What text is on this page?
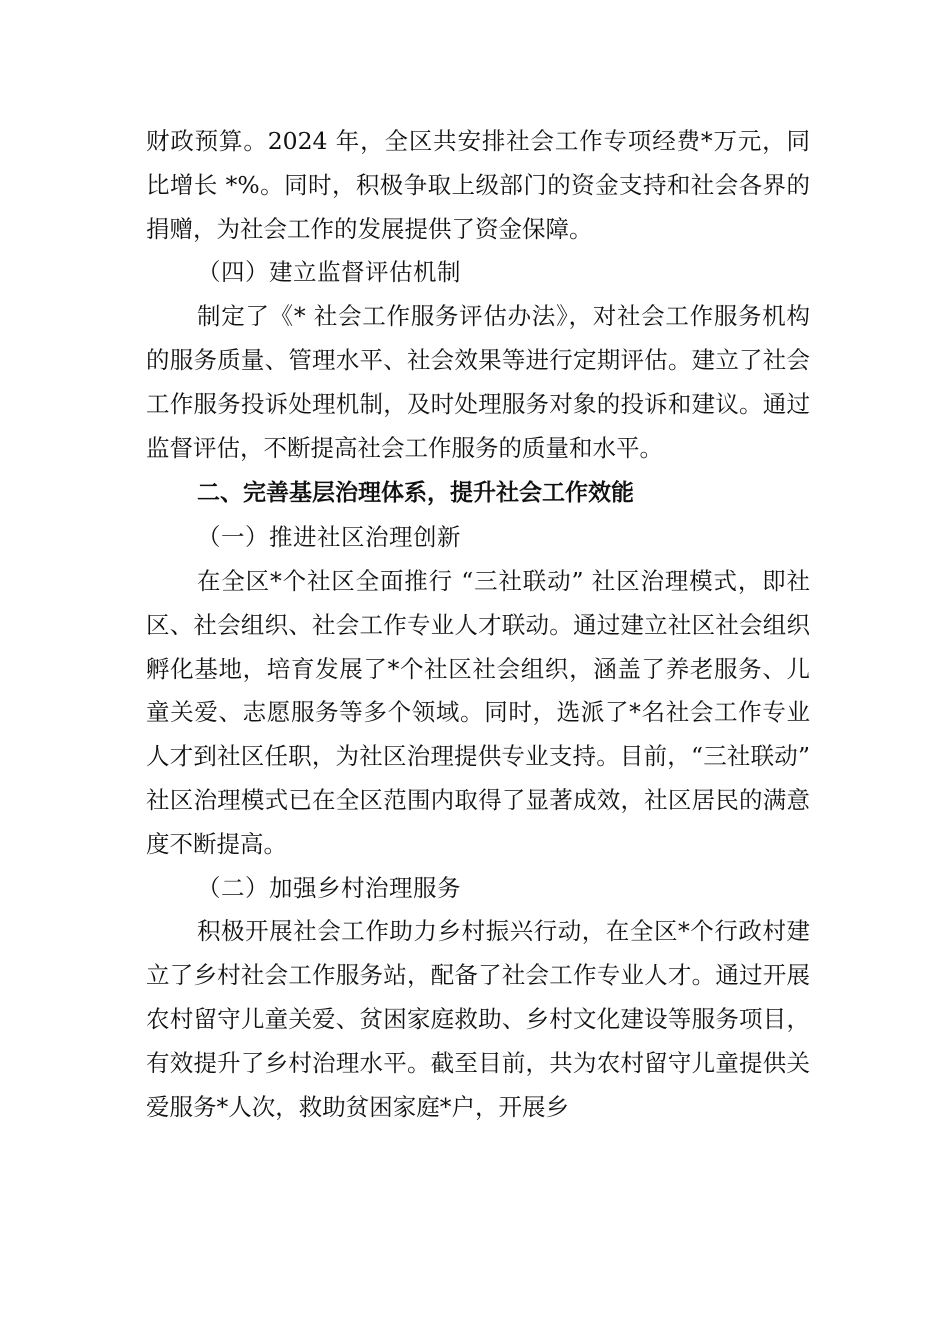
财政预算。2024 年，全区共安排社会工作专项经费*万元，同比增长 *%。同时，积极争取上级部门的资金支持和社会各界的捐赠，为社会工作的发展提供了资金保障。

（四）建立监督评估机制

制定了《* 社会工作服务评估办法》，对社会工作服务机构的服务质量、管理水平、社会效果等进行定期评估。建立了社会工作服务投诉处理机制，及时处理服务对象的投诉和建议。通过监督评估，不断提高社会工作服务的质量和水平。

二、完善基层治理体系，提升社会工作效能

（一）推进社区治理创新

在全区*个社区全面推行 “三社联动” 社区治理模式，即社区、社会组织、社会工作专业人才联动。通过建立社区社会组织孵化基地，培育发展了*个社区社会组织，涵盖了养老服务、儿童关爱、志愿服务等多个领域。同时，选派了*名社会工作专业人才到社区任职，为社区治理提供专业支持。目前，“三社联动” 社区治理模式已在全区范围内取得了显著成效，社区居民的满意度不断提高。

（二）加强乡村治理服务

积极开展社会工作助力乡村振兴行动，在全区*个行政村建立了乡村社会工作服务站，配备了社会工作专业人才。通过开展农村留守儿童关爱、贫困家庭救助、乡村文化建设等服务项目，有效提升了乡村治理水平。截至目前，共为农村留守儿童提供关爱服务*人次，救助贫困家庭*户，开展乡
